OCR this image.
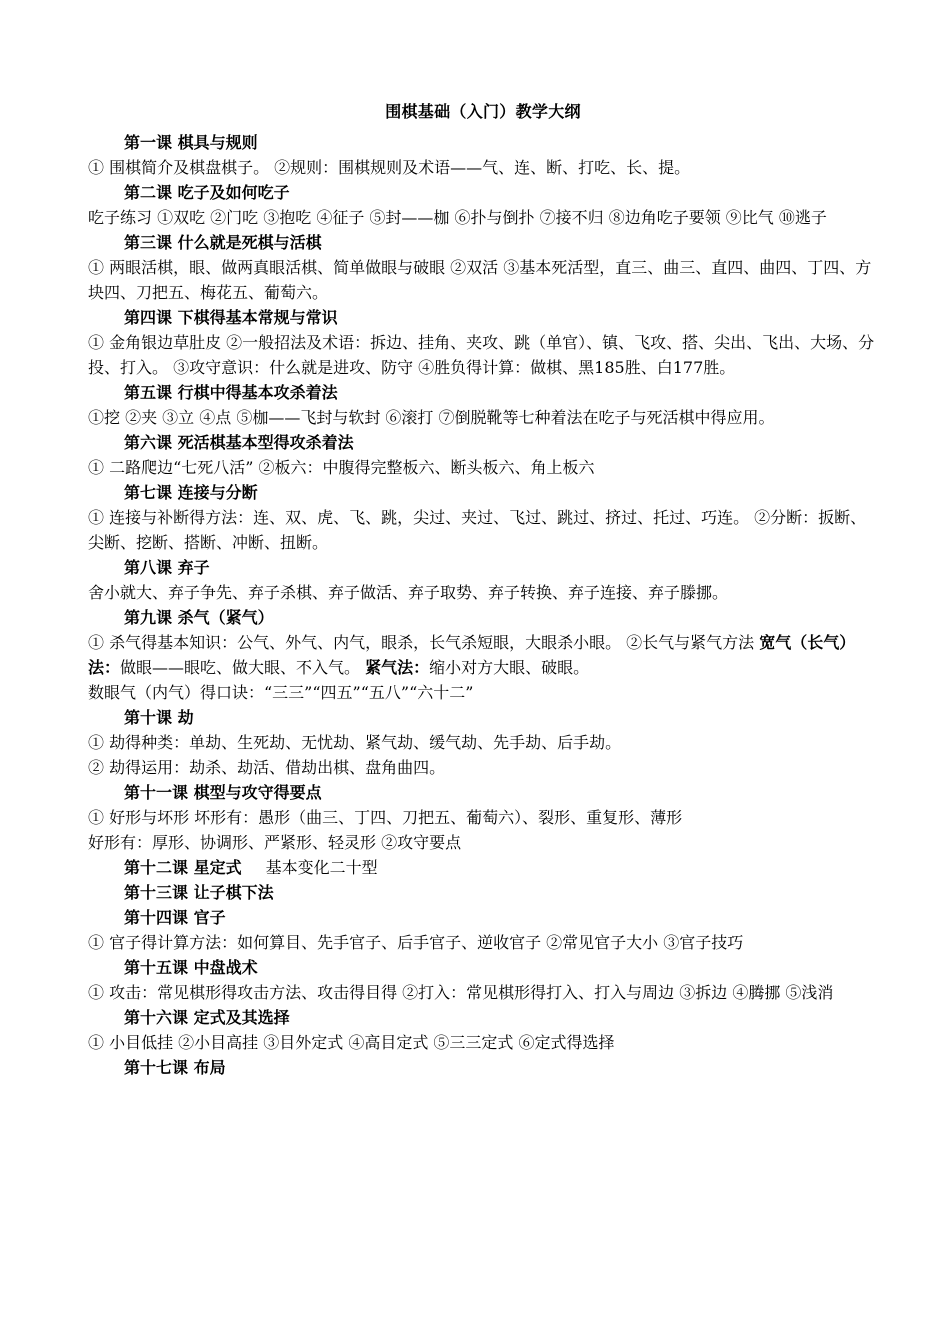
围棋基础（入门）教学大纲

第一课 棋具与规则

① 围棋简介及棋盘棋子。 ②规则：围棋规则及术语——气、连、断、打吃、长、提。

第二课 吃子及如何吃子

吃子练习 ①双吃 ②门吃 ③抱吃 ④征子 ⑤封——枷 ⑥扑与倒扑 ⑦接不归 ⑧边角吃子要领 ⑨比气 ⑩逃子

第三课 什么就是死棋与活棋

① 两眼活棋，眼、做两真眼活棋、简单做眼与破眼 ②双活 ③基本死活型，直三、曲三、直四、曲四、丁四、方块四、刀把五、梅花五、葡萄六。

第四课 下棋得基本常规与常识

① 金角银边草肚皮 ②一般招法及术语：拆边、挂角、夹攻、跳（单官）、镇、飞攻、搭、尖出、飞出、大场、分投、打入。 ③攻守意识：什么就是进攻、防守 ④胜负得计算：做棋、黑185胜、白177胜。

第五课 行棋中得基本攻杀着法

①挖 ②夹 ③立 ④点 ⑤枷——飞封与软封 ⑥滚打 ⑦倒脱靴等七种着法在吃子与死活棋中得应用。

第六课 死活棋基本型得攻杀着法

① 二路爬边“七死八活” ②板六：中腹得完整板六、断头板六、角上板六

第七课 连接与分断

① 连接与补断得方法：连、双、虎、飞、跳，尖过、夹过、飞过、跳过、挤过、托过、巧连。 ②分断：扳断、尖断、挖断、搭断、冲断、扭断。

第八课 弃子

舍小就大、弃子争先、弃子杀棋、弃子做活、弃子取势、弃子转换、弃子连接、弃子滕挪。

第九课 杀气（紧气）

① 杀气得基本知识：公气、外气、内气，眼杀，长气杀短眼，大眼杀小眼。 ②长气与紧气方法 宽气（长气）法：做眼——眼吃、做大眼、不入气。 紧气法：缩小对方大眼、破眼。

数眼气（内气）得口诀：“三三”“四五”“五八”“六十二”

第十课 劫

① 劫得种类：单劫、生死劫、无忧劫、紧气劫、缓气劫、先手劫、后手劫。

② 劫得运用：劫杀、劫活、借劫出棋、盘角曲四。

第十一课 棋型与攻守得要点

① 好形与坏形 坏形有：愚形（曲三、丁四、刀把五、葡萄六）、裂形、重复形、薄形

好形有：厚形、协调形、严紧形、轻灵形 ②攻守要点

第十二课 星定式 基本变化二十型

第十三课 让子棋下法

第十四课 官子

① 官子得计算方法：如何算目、先手官子、后手官子、逆收官子 ②常见官子大小 ③官子技巧

第十五课 中盘战术

① 攻击：常见棋形得攻击方法、攻击得目得 ②打入：常见棋形得打入、打入与周边 ③拆边 ④腾挪 ⑤浅消

第十六课 定式及其选择

① 小目低挂 ②小目高挂 ③目外定式 ④高目定式 ⑤三三定式 ⑥定式得选择

第十七课 布局
